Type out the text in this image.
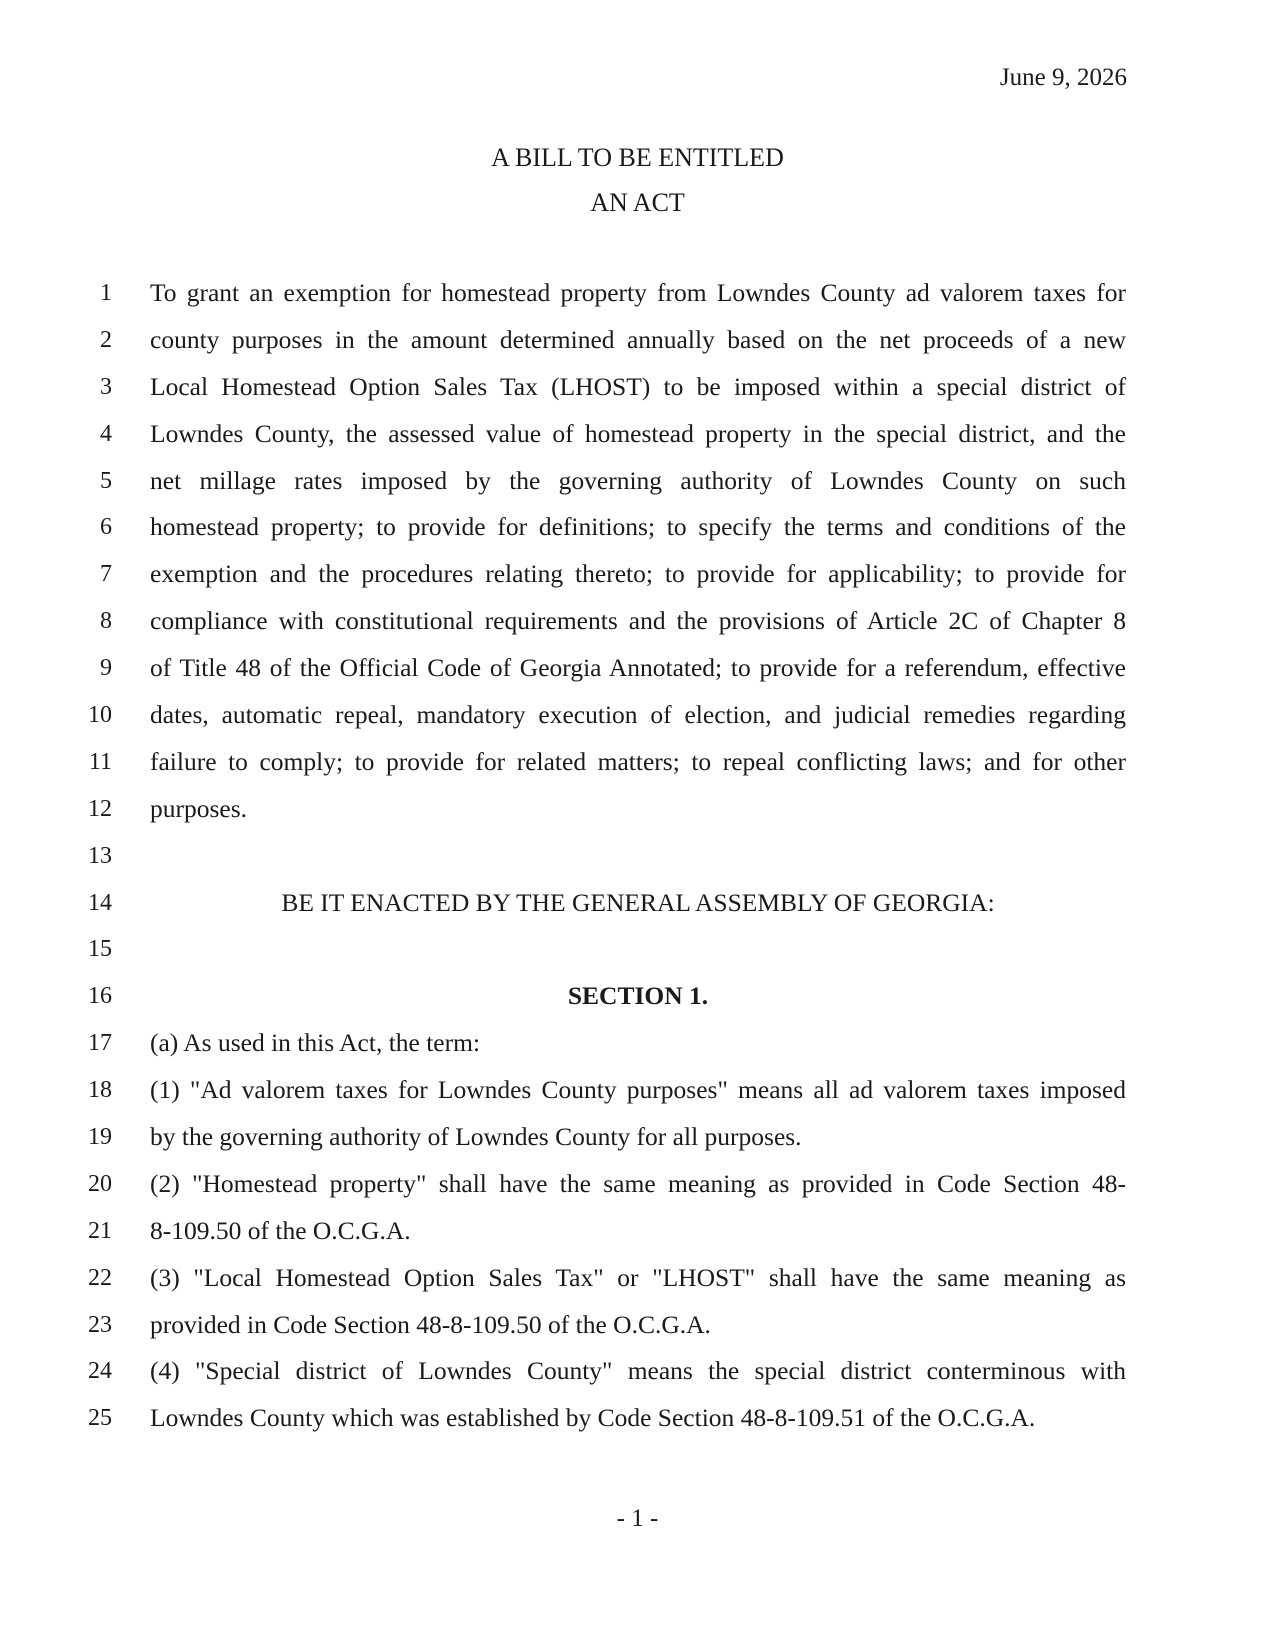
June 9, 2026
A BILL TO BE ENTITLED
AN ACT
1 To grant an exemption for homestead property from Lowndes County ad valorem taxes for
2 county purposes in the amount determined annually based on the net proceeds of a new
3 Local Homestead Option Sales Tax (LHOST) to be imposed within a special district of
4 Lowndes County, the assessed value of homestead property in the special district, and the
5 net millage rates imposed by the governing authority of Lowndes County on such
6 homestead property; to provide for definitions; to specify the terms and conditions of the
7 exemption and the procedures relating thereto; to provide for applicability; to provide for
8 compliance with constitutional requirements and the provisions of Article 2C of Chapter 8
9 of Title 48 of the Official Code of Georgia Annotated; to provide for a referendum, effective
10 dates, automatic repeal, mandatory execution of election, and judicial remedies regarding
11 failure to comply; to provide for related matters; to repeal conflicting laws; and for other
12 purposes.
13
14	BE IT ENACTED BY THE GENERAL ASSEMBLY OF GEORGIA:
15
16	SECTION 1.
17 (a) As used in this Act, the term:
18 (1) "Ad valorem taxes for Lowndes County purposes" means all ad valorem taxes imposed
19 by the governing authority of Lowndes County for all purposes.
20 (2) "Homestead property" shall have the same meaning as provided in Code Section 48-
21 8-109.50 of the O.C.G.A.
22 (3) "Local Homestead Option Sales Tax" or "LHOST" shall have the same meaning as
23 provided in Code Section 48-8-109.50 of the O.C.G.A.
24 (4) "Special district of Lowndes County" means the special district conterminous with
25 Lowndes County which was established by Code Section 48-8-109.51 of the O.C.G.A.
- 1 -
